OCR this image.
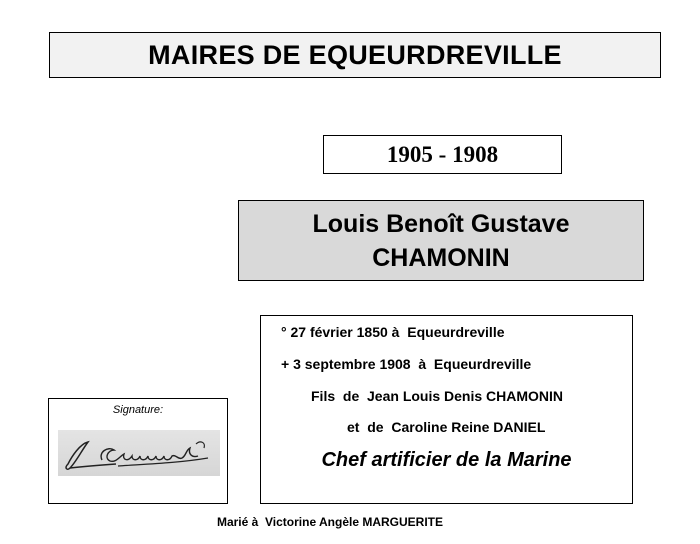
MAIRES DE EQUEURDREVILLE
1905 - 1908
Louis Benoît Gustave
CHAMONIN
Signature:
° 27 février 1850 à  Equeurdreville
+ 3 septembre 1908  à  Equeurdreville
Fils  de  Jean Louis Denis CHAMONIN
et  de  Caroline Reine DANIEL
Chef artificier de la Marine
Marié à  Victorine Angèle MARGUERITE
